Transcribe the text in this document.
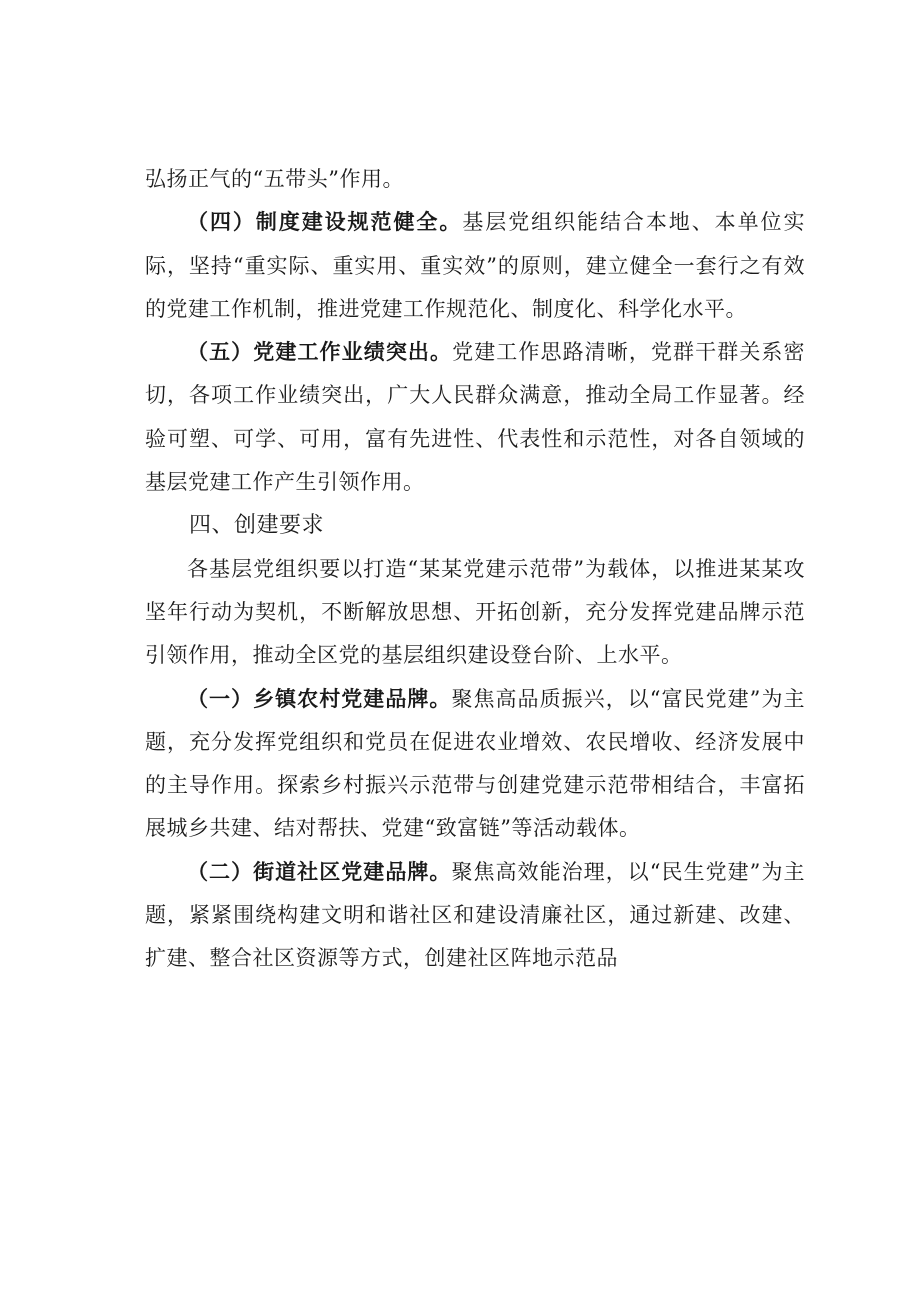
弘扬正气的“五带头”作用。

（四）制度建设规范健全。基层党组织能结合本地、本单位实际，坚持“重实际、重实用、重实效”的原则，建立健全一套行之有效的党建工作机制，推进党建工作规范化、制度化、科学化水平。

（五）党建工作业绩突出。党建工作思路清晰，党群干群关系密切，各项工作业绩突出，广大人民群众满意，推动全局工作显著。经验可塑、可学、可用，富有先进性、代表性和示范性，对各自领域的基层党建工作产生引领作用。

四、创建要求

各基层党组织要以打造“某某党建示范带”为载体，以推进某某攻坚年行动为契机，不断解放思想、开拓创新，充分发挥党建品牌示范引领作用，推动全区党的基层组织建设登台阶、上水平。

（一）乡镇农村党建品牌。聚焦高品质振兴，以“富民党建”为主题，充分发挥党组织和党员在促进农业增效、农民增收、经济发展中的主导作用。探索乡村振兴示范带与创建党建示范带相结合，丰富拓展城乡共建、结对帮扶、党建“致富链”等活动载体。

（二）街道社区党建品牌。聚焦高效能治理，以“民生党建”为主题，紧紧围绕构建文明和谐社区和建设清廉社区，通过新建、改建、扩建、整合社区资源等方式，创建社区阵地示范品
